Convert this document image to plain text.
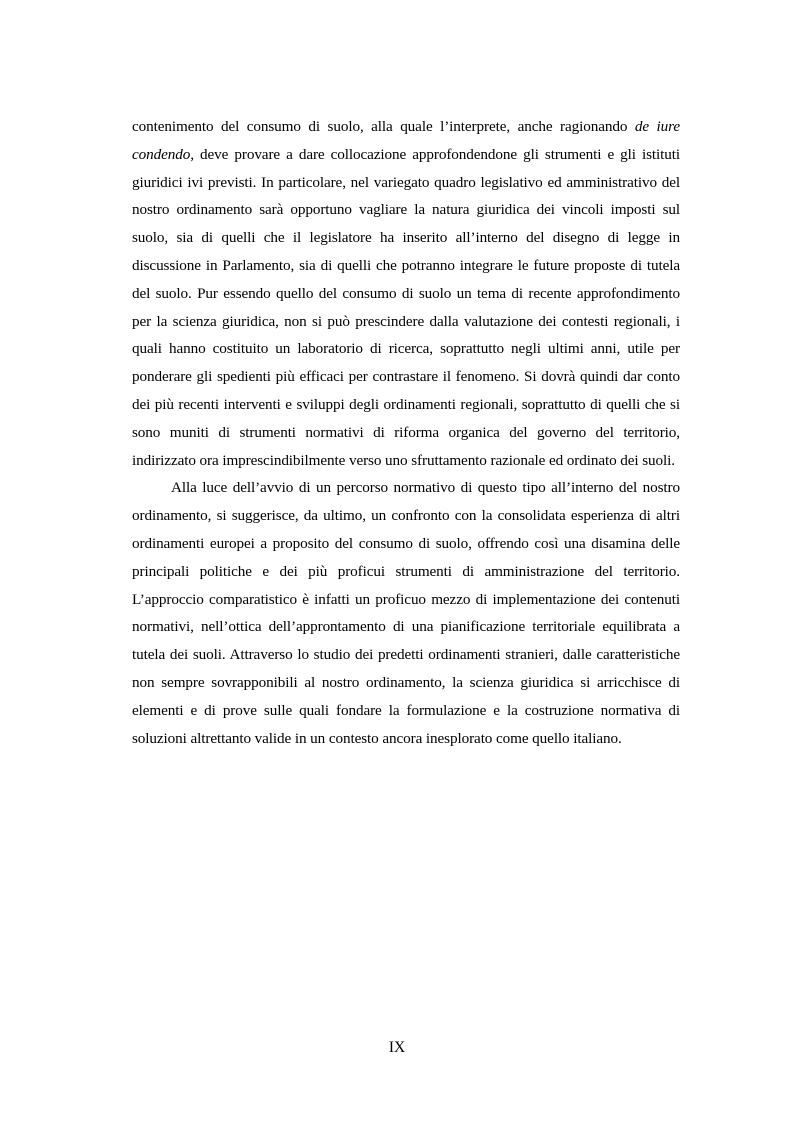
contenimento del consumo di suolo, alla quale l’interprete, anche ragionando de iure condendo, deve provare a dare collocazione approfondendone gli strumenti e gli istituti giuridici ivi previsti. In particolare, nel variegato quadro legislativo ed amministrativo del nostro ordinamento sarà opportuno vagliare la natura giuridica dei vincoli imposti sul suolo, sia di quelli che il legislatore ha inserito all’interno del disegno di legge in discussione in Parlamento, sia di quelli che potranno integrare le future proposte di tutela del suolo. Pur essendo quello del consumo di suolo un tema di recente approfondimento per la scienza giuridica, non si può prescindere dalla valutazione dei contesti regionali, i quali hanno costituito un laboratorio di ricerca, soprattutto negli ultimi anni, utile per ponderare gli spedienti più efficaci per contrastare il fenomeno. Si dovrà quindi dar conto dei più recenti interventi e sviluppi degli ordinamenti regionali, soprattutto di quelli che si sono muniti di strumenti normativi di riforma organica del governo del territorio, indirizzato ora imprescindibilmente verso uno sfruttamento razionale ed ordinato dei suoli.

Alla luce dell’avvio di un percorso normativo di questo tipo all’interno del nostro ordinamento, si suggerisce, da ultimo, un confronto con la consolidata esperienza di altri ordinamenti europei a proposito del consumo di suolo, offrendo così una disamina delle principali politiche e dei più proficui strumenti di amministrazione del territorio. L’approccio comparatistico è infatti un proficuo mezzo di implementazione dei contenuti normativi, nell’ottica dell’approntamento di una pianificazione territoriale equilibrata a tutela dei suoli. Attraverso lo studio dei predetti ordinamenti stranieri, dalle caratteristiche non sempre sovrapponibili al nostro ordinamento, la scienza giuridica si arricchisce di elementi e di prove sulle quali fondare la formulazione e la costruzione normativa di soluzioni altrettanto valide in un contesto ancora inesplorato come quello italiano.

IX
